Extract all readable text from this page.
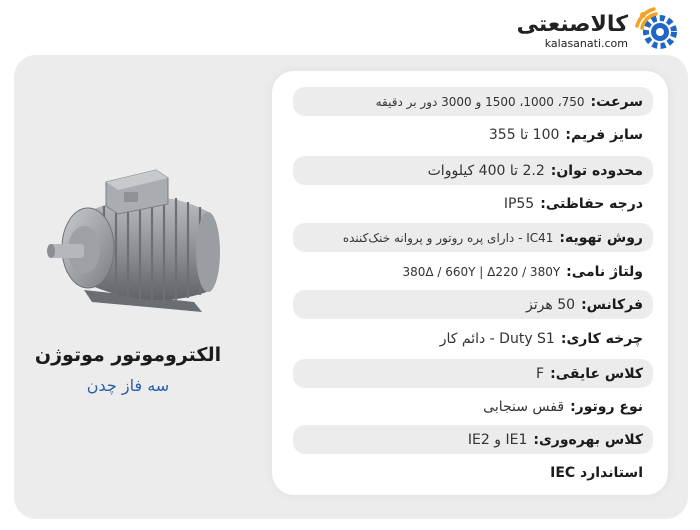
کالاصنعتی
kalasanati.com
الکتروموتور موتوژن
سه فاز چدن
سرعت
:
750، 1000، 1500 و 3000 دور بر دقیقه
سایز فریم
:
100 تا 355
محدوده توان
:
2.2 تا 400 کیلووات
درجه حفاظتی
:
IP55
روش تهویه
:
IC41 - دارای پره روتور و پروانه خنک‌کننده
ولتاژ نامی
:
380Δ / 660Y | Δ220 / 380Y
فرکانس
:
50 هرتز
چرخه کاری
:
Duty S1 - دائم کار
کلاس عایقی
:
F
نوع روتور
:
قفس سنجابی
کلاس بهره‌وری
:
IE1 و IE2
استاندارد IEC
